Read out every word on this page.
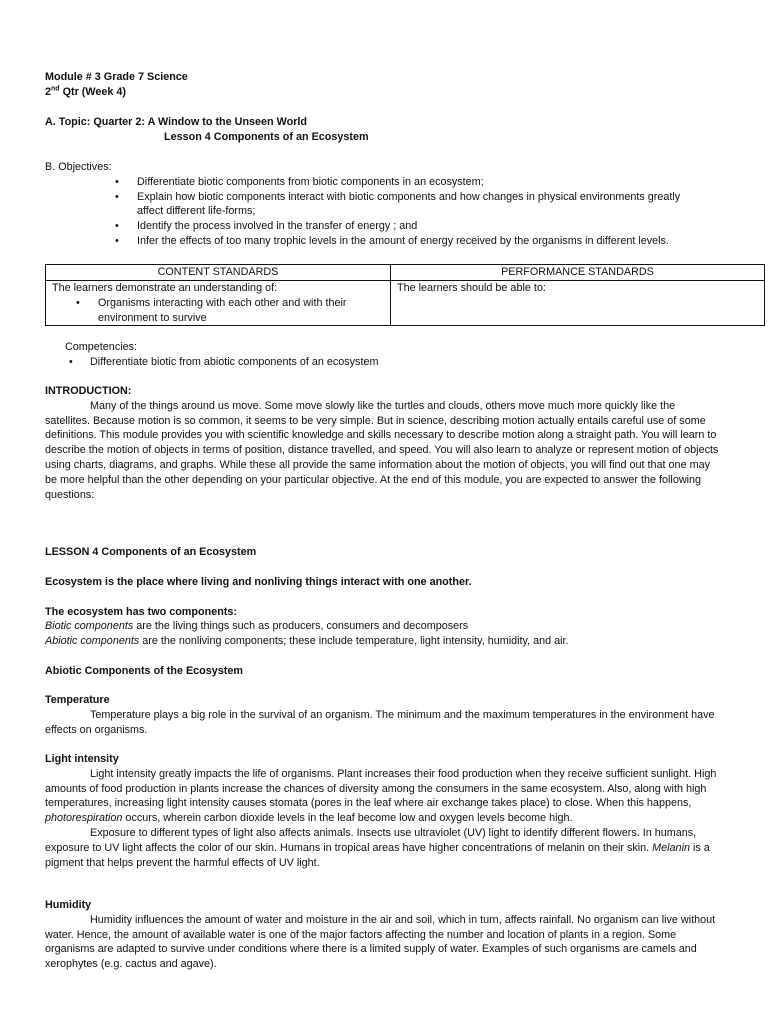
Module # 3 Grade 7 Science

2nd Qtr (Week 4)

A. Topic: Quarter 2: A Window to the Unseen World

Lesson 4 Components of an Ecosystem

B. Objectives:

• Differentiate biotic components from biotic components in an ecosystem;
• Explain how biotic components interact with biotic components and how changes in physical environments greatly affect different life-forms;
• Identify the process involved in the transfer of energy ; and
• Infer the effects of too many trophic levels in the amount of energy received by the organisms in different levels.
CONTENT STANDARDS	PERFORMANCE STANDARDS

The learners demonstrate an understanding of:

• Organisms interacting with each other and with their environment to survive	The learners should be able to:

Competencies:

• Differentiate biotic from abiotic components of an ecosystem

INTRODUCTION:

Many of the things around us move. Some move slowly like the turtles and clouds, others move much more quickly like the satellites. Because motion is so common, it seems to be very simple. But in science, describing motion actually entails careful use of some definitions. This module provides you with scientific knowledge and skills necessary to describe motion along a straight path. You will learn to describe the motion of objects in terms of position, distance travelled, and speed. You will also learn to analyze or represent motion of objects using charts, diagrams, and graphs. While these all provide the same information about the motion of objects, you will find out that one may be more helpful than the other depending on your particular objective. At the end of this module, you are expected to answer the following questions:

LESSON 4 Components of an Ecosystem

Ecosystem is the place where living and nonliving things interact with one another.

The ecosystem has two components:

Biotic components are the living things such as producers, consumers and decomposers

Abiotic components are the nonliving components; these include temperature, light intensity, humidity, and air.

Abiotic Components of the Ecosystem

Temperature

Temperature plays a big role in the survival of an organism. The minimum and the maximum temperatures in the environment have effects on organisms.

Light intensity

Light intensity greatly impacts the life of organisms. Plant increases their food production when they receive sufficient sunlight. High amounts of food production in plants increase the chances of diversity among the consumers in the same ecosystem. Also, along with high temperatures, increasing light intensity causes stomata (pores in the leaf where air exchange takes place) to close. When this happens, photorespiration occurs, wherein carbon dioxide levels in the leaf become low and oxygen levels become high.

Exposure to different types of light also affects animals. Insects use ultraviolet (UV) light to identify different flowers. In humans, exposure to UV light affects the color of our skin. Humans in tropical areas have higher concentrations of melanin on their skin. Melanin is a pigment that helps prevent the harmful effects of UV light.

Humidity

Humidity influences the amount of water and moisture in the air and soil, which in turn, affects rainfall. No organism can live without water. Hence, the amount of available water is one of the major factors affecting the number and location of plants in a region. Some organisms are adapted to survive under conditions where there is a limited supply of water. Examples of such organisms are camels and xerophytes (e.g. cactus and agave).
